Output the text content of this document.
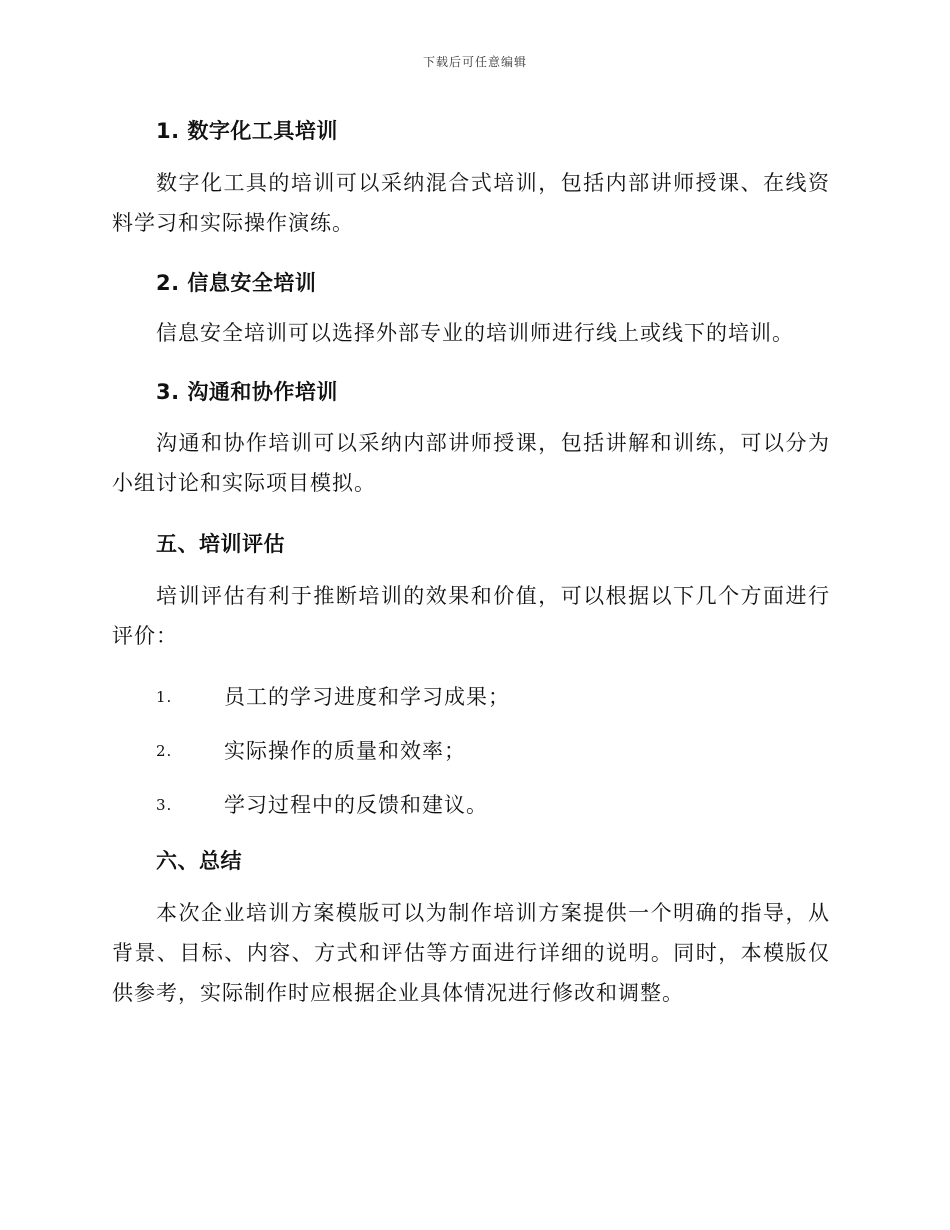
下载后可任意编辑
1. 数字化工具培训
数字化工具的培训可以采纳混合式培训，包括内部讲师授课、在线资料学习和实际操作演练。
2. 信息安全培训
信息安全培训可以选择外部专业的培训师进行线上或线下的培训。
3. 沟通和协作培训
沟通和协作培训可以采纳内部讲师授课，包括讲解和训练，可以分为小组讨论和实际项目模拟。
五、培训评估
培训评估有利于推断培训的效果和价值，可以根据以下几个方面进行评价：
1. 员工的学习进度和学习成果；
2. 实际操作的质量和效率；
3. 学习过程中的反馈和建议。
六、总结
本次企业培训方案模版可以为制作培训方案提供一个明确的指导，从背景、目标、内容、方式和评估等方面进行详细的说明。同时，本模版仅供参考，实际制作时应根据企业具体情况进行修改和调整。
